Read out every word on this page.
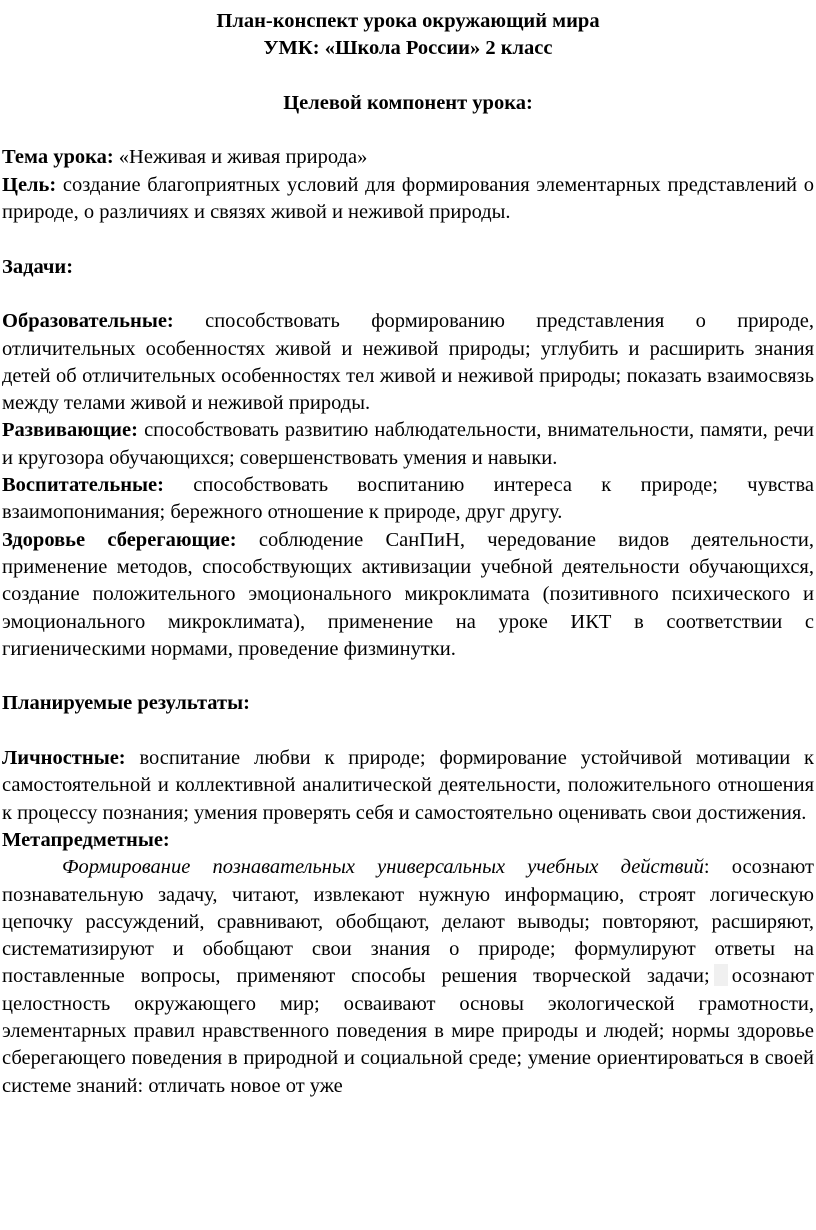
План-конспект урока окружающий мира

УМК: «Школа России» 2 класс

Целевой компонент урока:

Тема урока: «Неживая и живая природа»

Цель: создание благоприятных условий для формирования элементарных представлений о природе, о различиях и связях живой и неживой природы.

Задачи:

Образовательные: способствовать формированию представления о природе, отличительных особенностях живой и неживой природы; углубить и расширить знания детей об отличительных особенностях тел живой и неживой природы; показать взаимосвязь между телами живой и неживой природы.

Развивающие: способствовать развитию наблюдательности, внимательности, памяти, речи и кругозора обучающихся; совершенствовать умения и навыки.

Воспитательные: способствовать воспитанию интереса к природе; чувства взаимопонимания; бережного отношение к природе, друг другу.

Здоровье сберегающие: соблюдение СанПиН, чередование видов деятельности, применение методов, способствующих активизации учебной деятельности обучающихся, создание положительного эмоционального микроклимата (позитивного психического и эмоционального микроклимата), применение на уроке ИКТ в соответствии с гигиеническими нормами, проведение физминутки.

Планируемые результаты:

Личностные: воспитание любви к природе; формирование устойчивой мотивации к самостоятельной и коллективной аналитической деятельности, положительного отношения к процессу познания; умения проверять себя и самостоятельно оценивать свои достижения.

Метапредметные:

Формирование познавательных универсальных учебных действий: осознают познавательную задачу, читают, извлекают нужную информацию, строят логическую цепочку рассуждений, сравнивают, обобщают, делают выводы; повторяют, расширяют, систематизируют и обобщают свои знания о природе; формулируют ответы на поставленные вопросы, применяют способы решения творческой задачи; осознают целостность окружающего мир; осваивают основы экологической грамотности, элементарных правил нравственного поведения в мире природы и людей; нормы здоровье сберегающего поведения в природной и социальной среде; умение ориентироваться в своей системе знаний: отличать новое от уже
